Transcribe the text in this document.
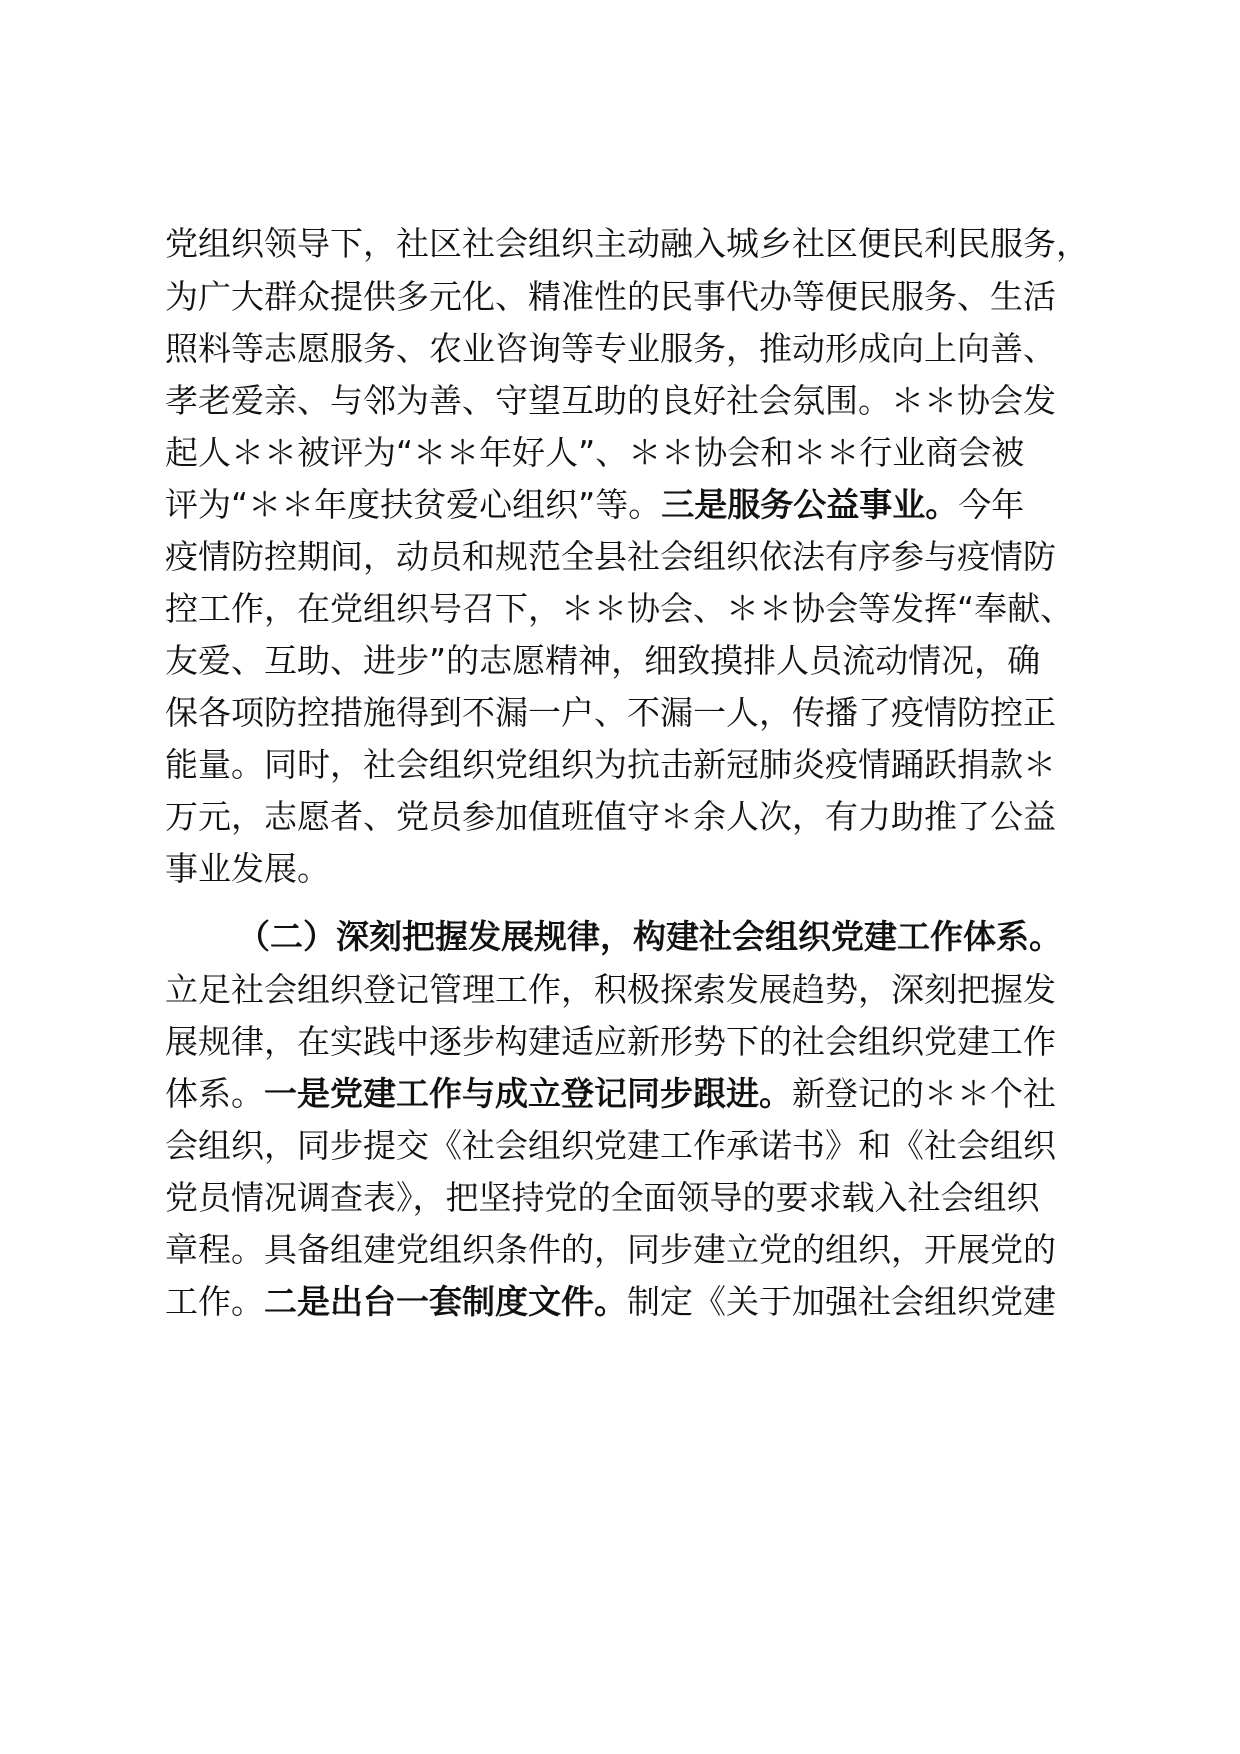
党组织领导下，社区社会组织主动融入城乡社区便民利民服务，
为广大群众提供多元化、精准性的民事代办等便民服务、生活
照料等志愿服务、农业咨询等专业服务，推动形成向上向善、
孝老爱亲、与邻为善、守望互助的良好社会氛围。＊＊协会发
起人＊＊被评为“＊＊年好人”、＊＊协会和＊＊行业商会被
评为“＊＊年度扶贫爱心组织”等。三是服务公益事业。今年
疫情防控期间，动员和规范全县社会组织依法有序参与疫情防
控工作，在党组织号召下，＊＊协会、＊＊协会等发挥“奉献、
友爱、互助、进步”的志愿精神，细致摸排人员流动情况，确
保各项防控措施得到不漏一户、不漏一人，传播了疫情防控正
能量。同时，社会组织党组织为抗击新冠肺炎疫情踊跃捐款＊
万元，志愿者、党员参加值班值守＊余人次，有力助推了公益
事业发展。
（二）深刻把握发展规律，构建社会组织党建工作体系。
立足社会组织登记管理工作，积极探索发展趋势，深刻把握发
展规律，在实践中逐步构建适应新形势下的社会组织党建工作
体系。一是党建工作与成立登记同步跟进。新登记的＊＊个社
会组织，同步提交《社会组织党建工作承诺书》和《社会组织
党员情况调查表》，把坚持党的全面领导的要求载入社会组织
章程。具备组建党组织条件的，同步建立党的组织，开展党的
工作。二是出台一套制度文件。制定《关于加强社会组织党建
